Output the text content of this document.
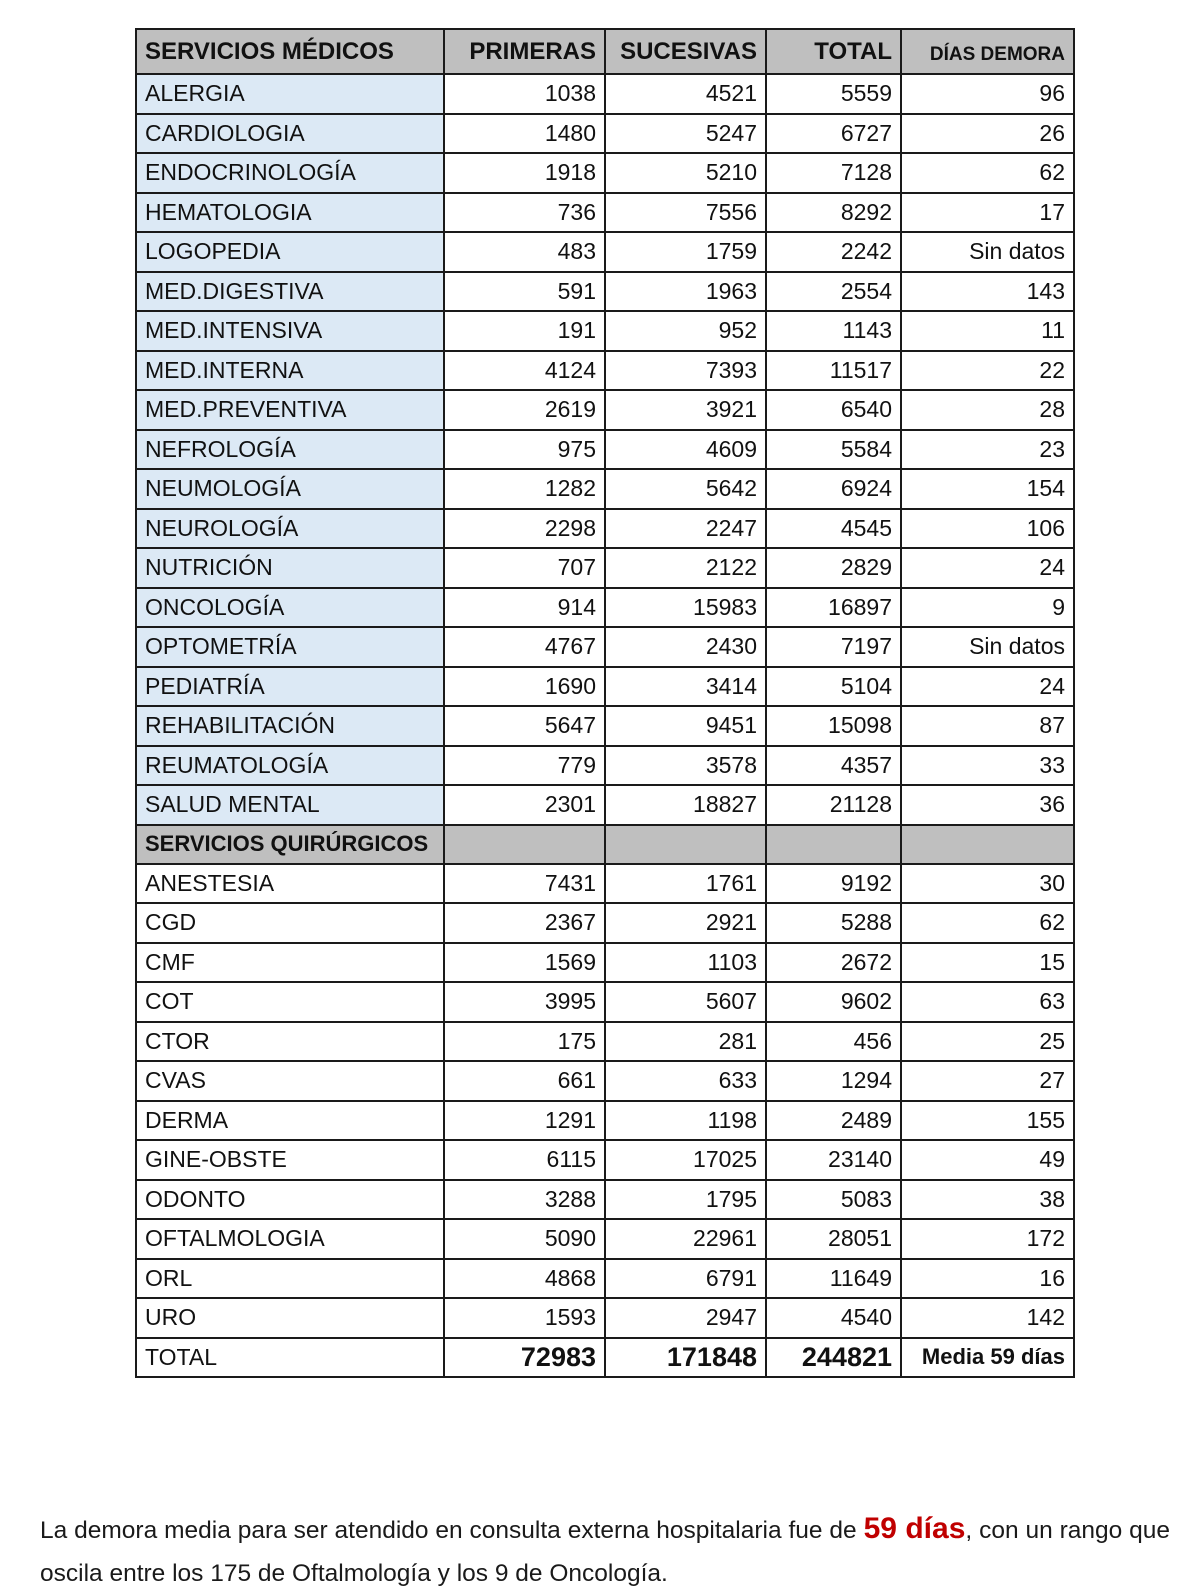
SERVICIOS MÉDICOS	PRIMERAS	SUCESIVAS	TOTAL	DÍAS DEMORA
ALERGIA	1038	4521	5559	96
CARDIOLOGIA	1480	5247	6727	26
ENDOCRINOLOGÍA	1918	5210	7128	62
HEMATOLOGIA	736	7556	8292	17
LOGOPEDIA	483	1759	2242	Sin datos
MED.DIGESTIVA	591	1963	2554	143
MED.INTENSIVA	191	952	1143	11
MED.INTERNA	4124	7393	11517	22
MED.PREVENTIVA	2619	3921	6540	28
NEFROLOGÍA	975	4609	5584	23
NEUMOLOGÍA	1282	5642	6924	154
NEUROLOGÍA	2298	2247	4545	106
NUTRICIÓN	707	2122	2829	24
ONCOLOGÍA	914	15983	16897	9
OPTOMETRÍA	4767	2430	7197	Sin datos
PEDIATRÍA	1690	3414	5104	24
REHABILITACIÓN	5647	9451	15098	87
REUMATOLOGÍA	779	3578	4357	33
SALUD MENTAL	2301	18827	21128	36
SERVICIOS QUIRÚRGICOS				
ANESTESIA	7431	1761	9192	30
CGD	2367	2921	5288	62
CMF	1569	1103	2672	15
COT	3995	5607	9602	63
CTOR	175	281	456	25
CVAS	661	633	1294	27
DERMA	1291	1198	2489	155
GINE-OBSTE	6115	17025	23140	49
ODONTO	3288	1795	5083	38
OFTALMOLOGIA	5090	22961	28051	172
ORL	4868	6791	11649	16
URO	1593	2947	4540	142
TOTAL	72983	171848	244821	Media 59 días

La demora media para ser atendido en consulta externa hospitalaria fue de 59 días, con un rango que oscila entre los 175 de Oftalmología y los 9 de Oncología.
